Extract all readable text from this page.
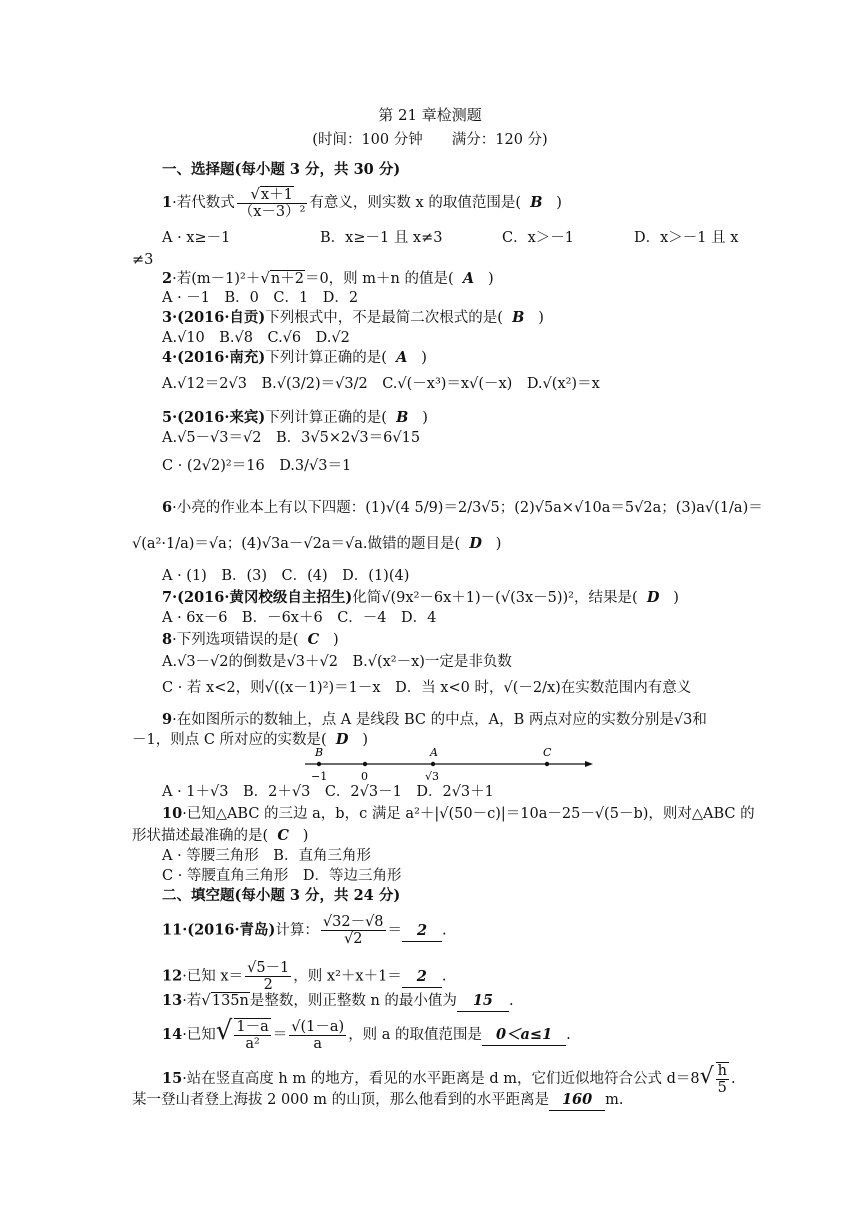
第 21 章检测题
(时间：100 分钟　　满分：120 分)
一、选择题(每小题 3 分，共 30 分)
1·若代数式 $\frac{√x+1}{\text{（x－3）²}}$ 有意义，则实数 x 的取值范围是( B )
A · x≥－1	B．x≥－1 且 x≠3	C．x＞－1	D．x＞－1 且 x
≠3
2·若(m－1)²＋√n＋2＝0，则 m＋n 的值是( A )
A · －1　B．0　C．1　D．2
3·(2016·自贡)下列根式中，不是最简二次根式的是( B )
A.√10　B.√8　C.√6　D.√2
4·(2016·南充)下列计算正确的是( A )
A.√12＝2√3　B.√(3/2)＝√3/2　C.√(－x³)＝x√(－x)　D.√(x²)＝x
5·(2016·来宾)下列计算正确的是( B )
A.√5－√3＝√2　B．3√5×2√3＝6√15
C · (2√2)²＝16　D.3/√3＝1
6·小亮的作业本上有以下四题：(1)√(4 5/9)＝2/3√5；(2)√5a×√10a＝5√2a；(3)a√(1/a)＝
√(a²·1/a)＝√a；(4)√3a－√2a＝√a.做错的题目是( D )
A · (1)　B．(3)　C．(4)　D．(1)(4)
7·(2016·黄冈校级自主招生)化简√(9x²－6x＋1)－(√(3x－5))²，结果是( D )
A · 6x－6　B．－6x＋6　C．－4　D．4
8·下列选项错误的是( C )
A.√3－√2的倒数是√3＋√2　B.√(x²－x)一定是非负数
C · 若 x<2，则√((x－1)²)＝1－x　D．当 x<0 时，√(－2/x)在实数范围内有意义
9·在如图所示的数轴上，点 A 是线段 BC 的中点，A，B 两点对应的实数分别是√3和
－1，则点 C 所对应的实数是( D )
B	A	C
−1	0	√3
A · 1＋√3　B．2＋√3　C．2√3－1　D．2√3＋1
10·已知△ABC 的三边 a，b，c 满足 a²＋|√(50－c)|＝10a－25－√(5－b)，则对△ABC 的
形状描述最准确的是( C )
A · 等腰三角形　B．直角三角形
C · 等腰直角三角形　D．等边三角形
二、填空题(每小题 3 分，共 24 分)
11·(2016·青岛)计算： $\frac{√32-√8}{√2} = 2$ .
12·已知 $x= \frac{√5-1}{2}$ ，则 x²＋x＋1＝ 2 .
13·若√135n是整数，则正整数 n 的最小值为 15 .
14·已知√ $\frac{1-a}{\text{a²}} = \frac{√(1-a)}{a}$ ，则 a 的取值范围是 0＜a≤1 .
15·站在竖直高度 h m 的地方，看见的水平距离是 d m，它们近似地符合公式 $d=8√ \frac{h}{5}$ .
某一登山者登上海拔 2 000 m 的山顶，那么他看到的水平距离是 160 m.
